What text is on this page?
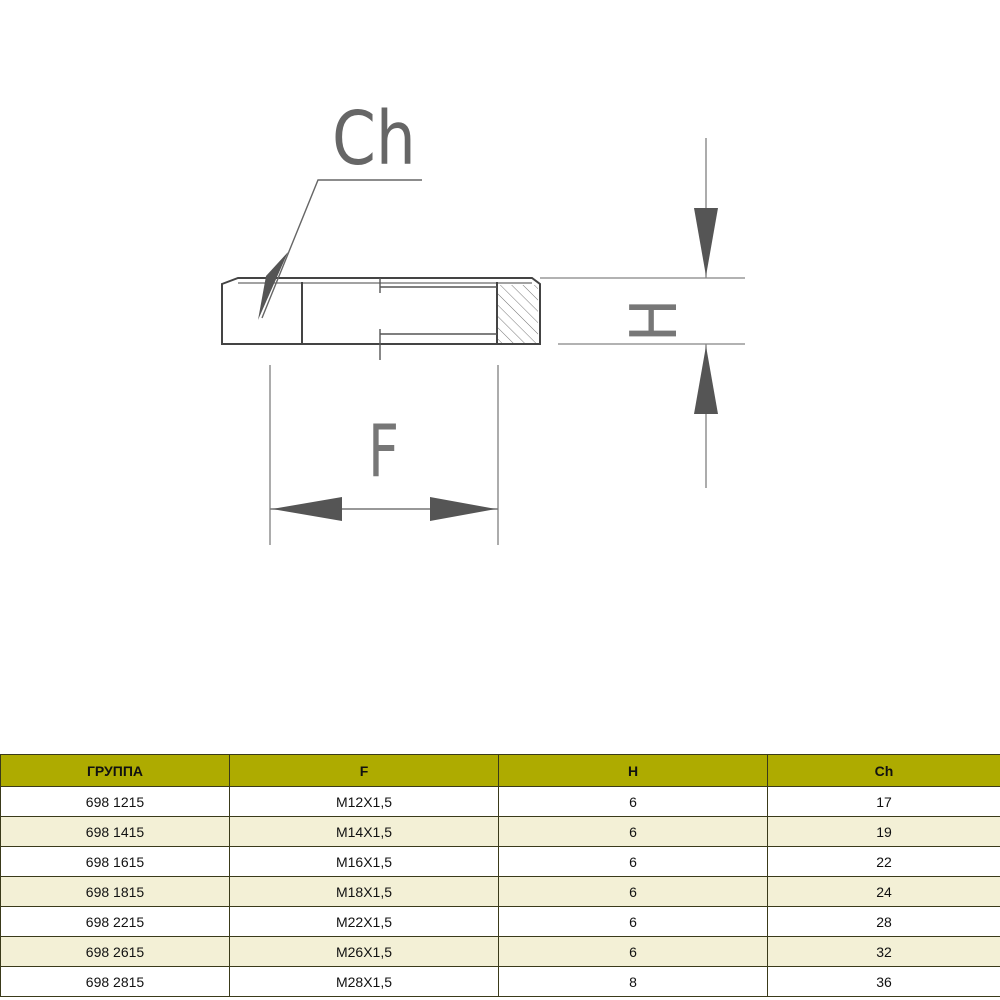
Ch
F
H
ГРУППА	F	H	Ch
698 1215	M12X1,5	6	17
698 1415	M14X1,5	6	19
698 1615	M16X1,5	6	22
698 1815	M18X1,5	6	24
698 2215	M22X1,5	6	28
698 2615	M26X1,5	6	32
698 2815	M28X1,5	8	36
